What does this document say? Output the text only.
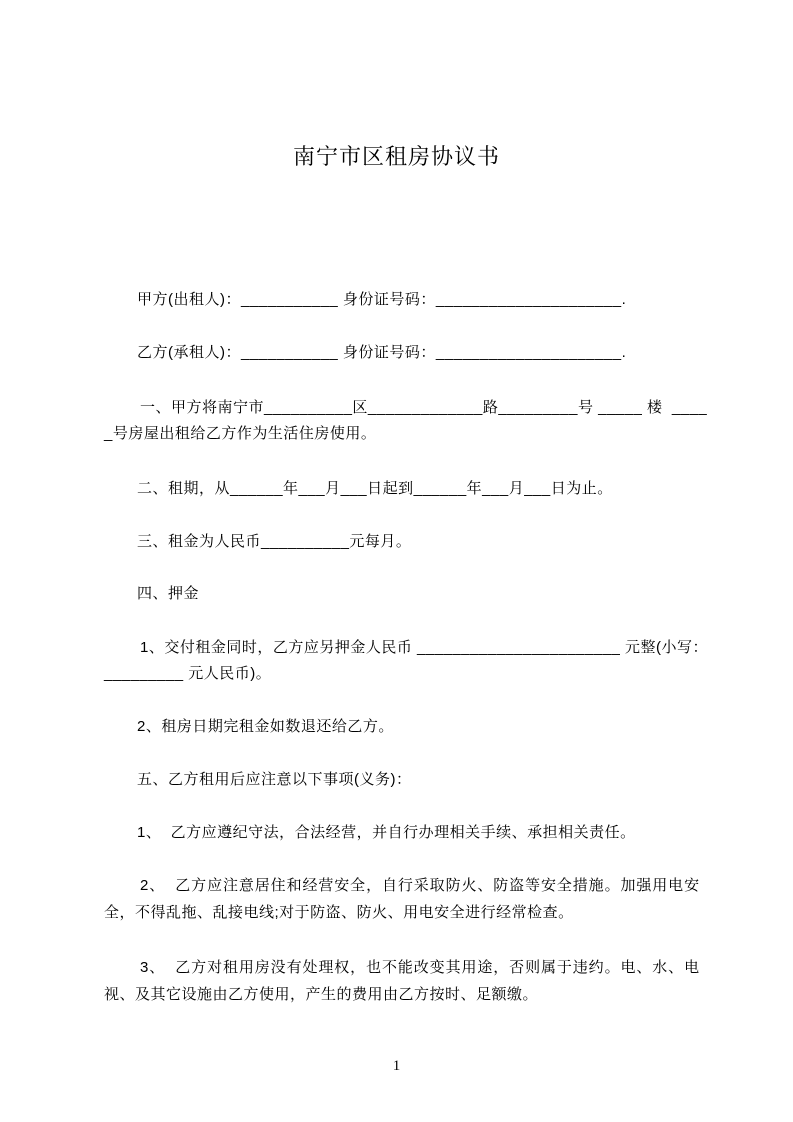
南宁市区租房协议书
甲方(出租人)：___________ 身份证号码：_____________________.
乙方(承租人)：___________ 身份证号码：_____________________.
一、甲方将南宁市__________区_____________路_________号 _____ 楼  ____
_号房屋出租给乙方作为生活住房使用。
二、租期，从______年___月___日起到______年___月___日为止。
三、租金为人民币__________元每月。
四、押金
1、交付租金同时，乙方应另押金人民币 _______________________ 元整(小写：
_________ 元人民币)。
2、租房日期完租金如数退还给乙方。
五、乙方租用后应注意以下事项(义务)：
1、  乙方应遵纪守法，合法经营，并自行办理相关手续、承担相关责任。
2、  乙方应注意居住和经营安全，自行采取防火、防盗等安全措施。加强用电安
全，不得乱拖、乱接电线;对于防盗、防火、用电安全进行经常检查。
3、  乙方对租用房没有处理权，也不能改变其用途，否则属于违约。电、水、电
视、及其它设施由乙方使用，产生的费用由乙方按时、足额缴。
1
